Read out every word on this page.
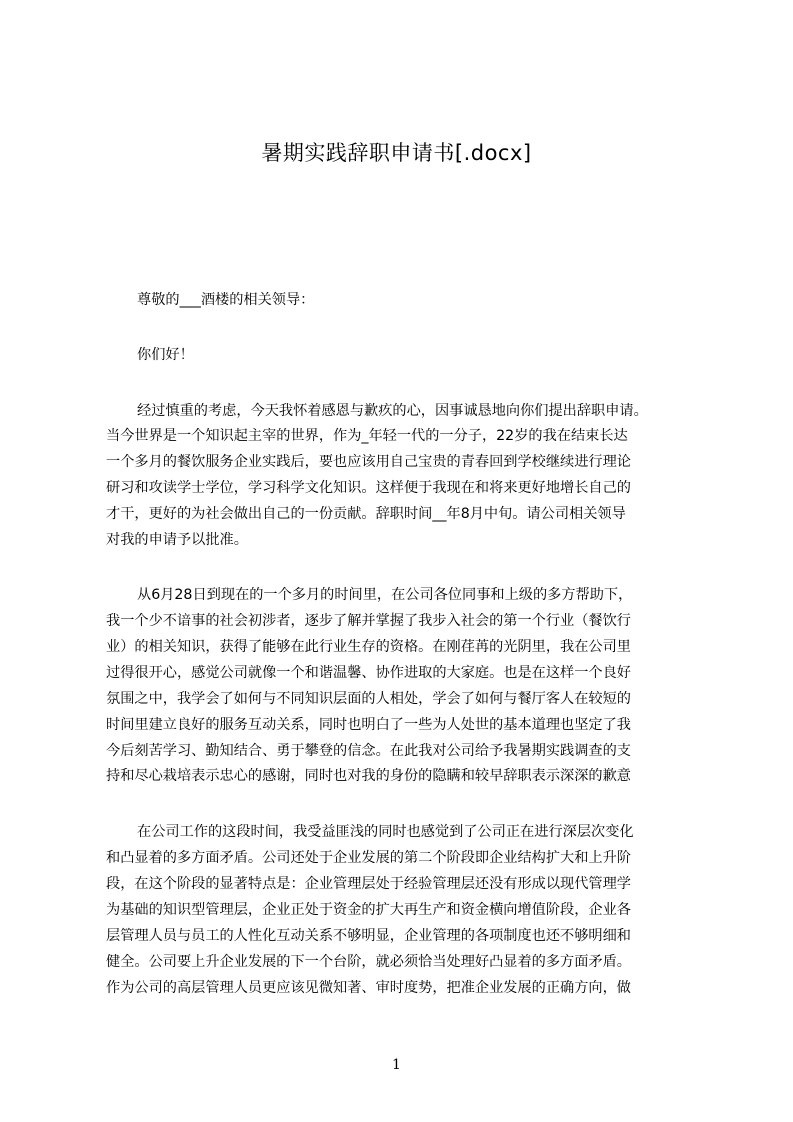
暑期实践辞职申请书[.docx]

尊敬的___酒楼的相关领导：

你们好！

经过慎重的考虑，今天我怀着感恩与歉疚的心，因事诚恳地向你们提出辞职申请。

当今世界是一个知识起主宰的世界，作为_年轻一代的一分子，22岁的我在结束长达

一个多月的餐饮服务企业实践后，要也应该用自己宝贵的青春回到学校继续进行理论

研习和攻读学士学位，学习科学文化知识。这样便于我现在和将来更好地增长自己的

才干，更好的为社会做出自己的一份贡献。辞职时间__年8月中旬。请公司相关领导

对我的申请予以批准。

从6月28日到现在的一个多月的时间里，在公司各位同事和上级的多方帮助下，

我一个少不谙事的社会初涉者，逐步了解并掌握了我步入社会的第一个行业（餐饮行

业）的相关知识，获得了能够在此行业生存的资格。在刚荏苒的光阴里，我在公司里

过得很开心，感觉公司就像一个和谐温馨、协作进取的大家庭。也是在这样一个良好

氛围之中，我学会了如何与不同知识层面的人相处，学会了如何与餐厅客人在较短的

时间里建立良好的服务互动关系，同时也明白了一些为人处世的基本道理也坚定了我

今后刻苦学习、勤知结合、勇于攀登的信念。在此我对公司给予我暑期实践调查的支

持和尽心栽培表示忠心的感谢，同时也对我的身份的隐瞒和较早辞职表示深深的歉意

在公司工作的这段时间，我受益匪浅的同时也感觉到了公司正在进行深层次变化

和凸显着的多方面矛盾。公司还处于企业发展的第二个阶段即企业结构扩大和上升阶

段，在这个阶段的显著特点是：企业管理层处于经验管理层还没有形成以现代管理学

为基础的知识型管理层，企业正处于资金的扩大再生产和资金横向增值阶段，企业各

层管理人员与员工的人性化互动关系不够明显，企业管理的各项制度也还不够明细和

健全。公司要上升企业发展的下一个台阶，就必须恰当处理好凸显着的多方面矛盾。

作为公司的高层管理人员更应该见微知著、审时度势，把准企业发展的正确方向，做

1
